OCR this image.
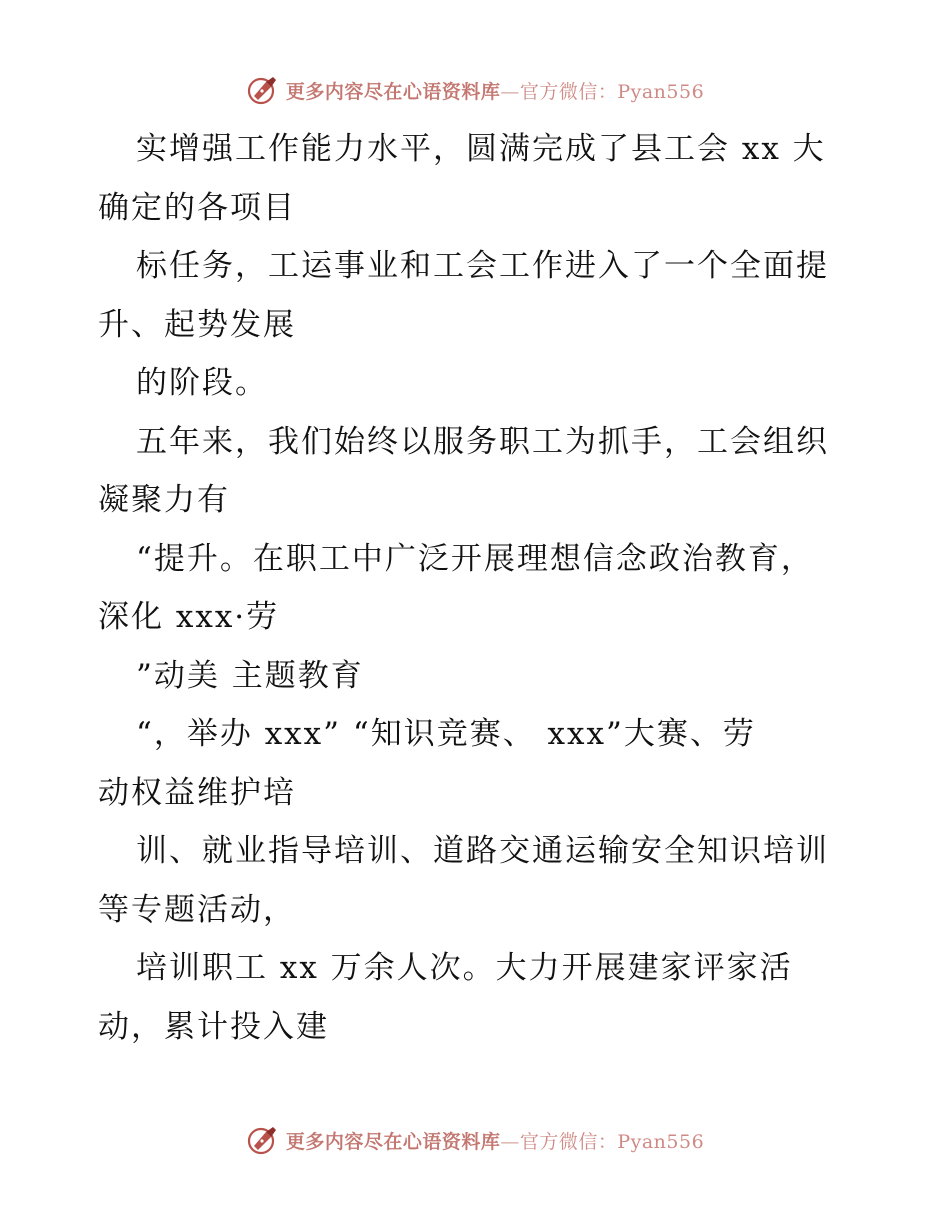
更多内容尽在心语资料库—官方微信：Pyan556
实增强工作能力水平，圆满完成了县工会 xx 大
确定的各项目
标任务，工运事业和工会工作进入了一个全面提
升、起势发展
的阶段。
五年来，我们始终以服务职工为抓手，工会组织
凝聚力有
“提升。在职工中广泛开展理想信念政治教育，
深化 xxx·劳
”动美 主题教育
“，举办 xxx” “知识竞赛、 xxx”大赛、劳
动权益维护培
训、就业指导培训、道路交通运输安全知识培训
等专题活动，
培训职工 xx 万余人次。大力开展建家评家活
动，累计投入建
更多内容尽在心语资料库—官方微信：Pyan556
